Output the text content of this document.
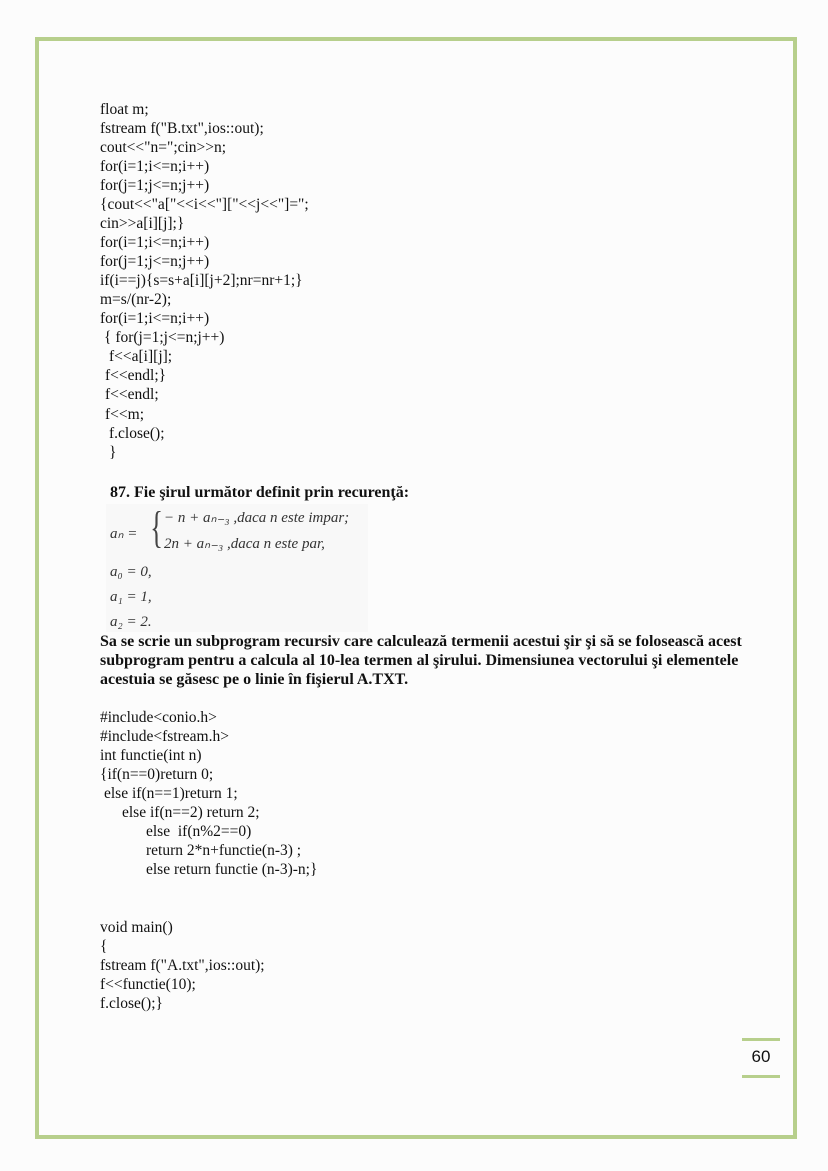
float m;
fstream f("B.txt",ios::out);
cout<<"n=";cin>>n;
for(i=1;i<=n;i++)
for(j=1;j<=n;j++)
{cout<<"a["<<i<<"]["<<j<<"]=";
cin>>a[i][j];}
for(i=1;i<=n;i++)
for(j=1;j<=n;j++)
if(i==j){s=s+a[i][j+2];nr=nr+1;}
m=s/(nr-2);
for(i=1;i<=n;i++)
{ for(j=1;j<=n;j++)
f<<a[i][j];
f<<endl;}
f<<endl;
f<<m;
f.close();
}
87. Fie şirul următor definit prin recurenţă:
aₙ = { − n + aₙ₋₃ ,daca n este impar;
2n + aₙ₋₃ ,daca n este par,
a₀ = 0,
a₁ = 1,
a₂ = 2.
Sa se scrie un subprogram recursiv care calculează termenii acestui şir şi să se folosească acest
subprogram pentru a calcula al 10-lea termen al şirului. Dimensiunea vectorului şi elementele
acestuia se găsesc pe o linie în fişierul A.TXT.
#include<conio.h>
#include<fstream.h>
int functie(int n)
{if(n==0)return 0;
else if(n==1)return 1;
else if(n==2) return 2;
else  if(n%2==0)
return 2*n+functie(n-3) ;
else return functie (n-3)-n;}
void main()
{
fstream f("A.txt",ios::out);
f<<functie(10);
f.close();}
60
